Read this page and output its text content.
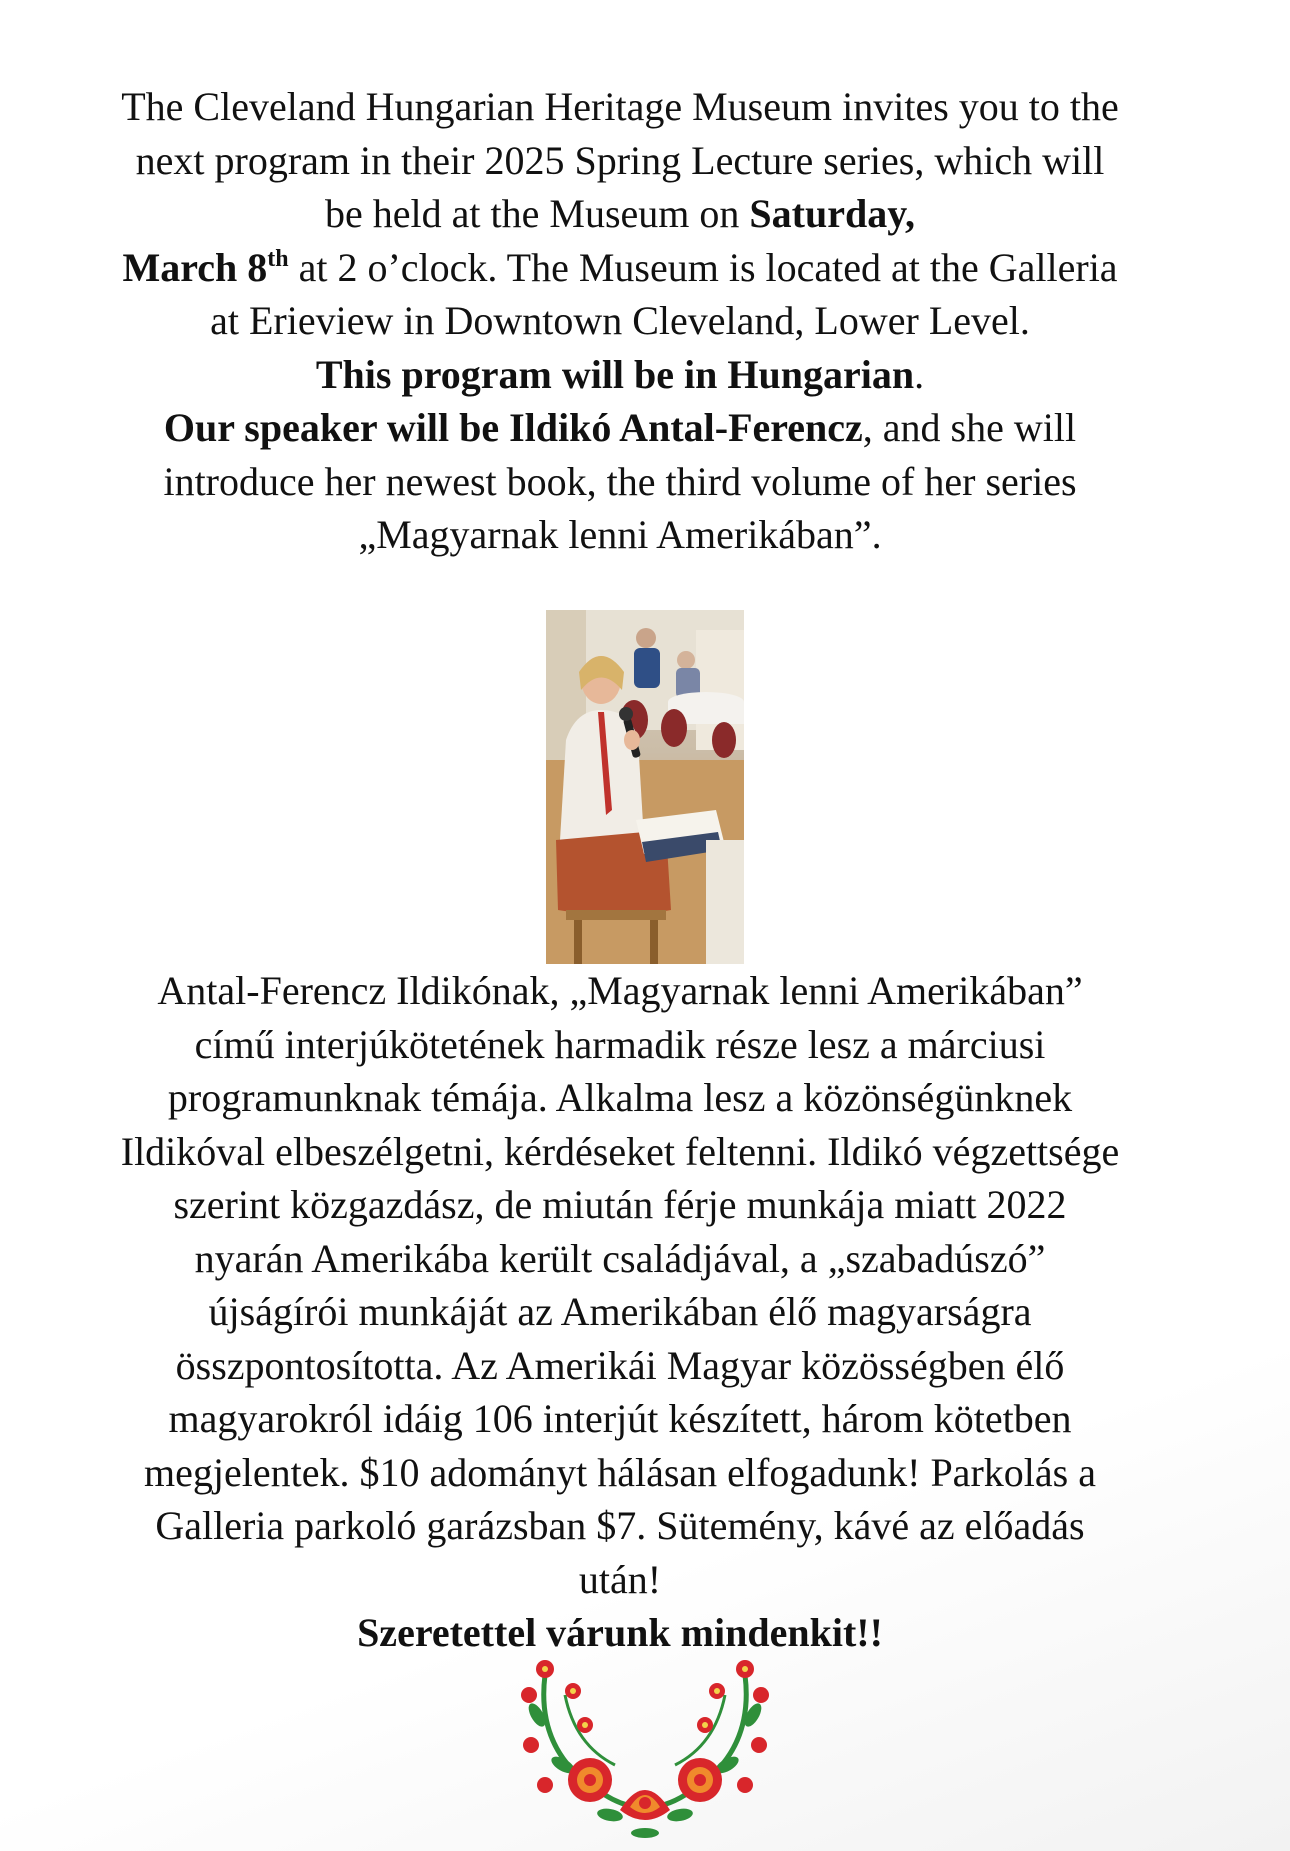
The Cleveland Hungarian Heritage Museum invites you to the next program in their 2025 Spring Lecture series, which will be held at the Museum on Saturday,
March 8th at 2 o’clock. The Museum is located at the Galleria at Erieview in Downtown Cleveland, Lower Level.
This program will be in Hungarian.
Our speaker will be Ildikó Antal-Ferencz, and she will introduce her newest book, the third volume of her series „Magyarnak lenni Amerikában”.
Antal-Ferencz Ildikónak, „Magyarnak lenni Amerikában” című interjúkötetének harmadik része lesz a márciusi programunknak témája. Alkalma lesz a közönségünknek Ildikóval elbeszélgetni, kérdéseket feltenni. Ildikó végzettsége szerint közgazdász, de miután férje munkája miatt 2022 nyarán Amerikába került családjával, a „szabadúszó” újságírói munkáját az Amerikában élő magyarságra összpontosította. Az Amerikái Magyar közösségben élő magyarokról idáig 106 interjút készített, három kötetben megjelentek. $10 adományt hálásan elfogadunk! Parkolás a Galleria parkoló garázsban $7. Sütemény, kávé az előadás után!
Szeretettel várunk mindenkit!!
